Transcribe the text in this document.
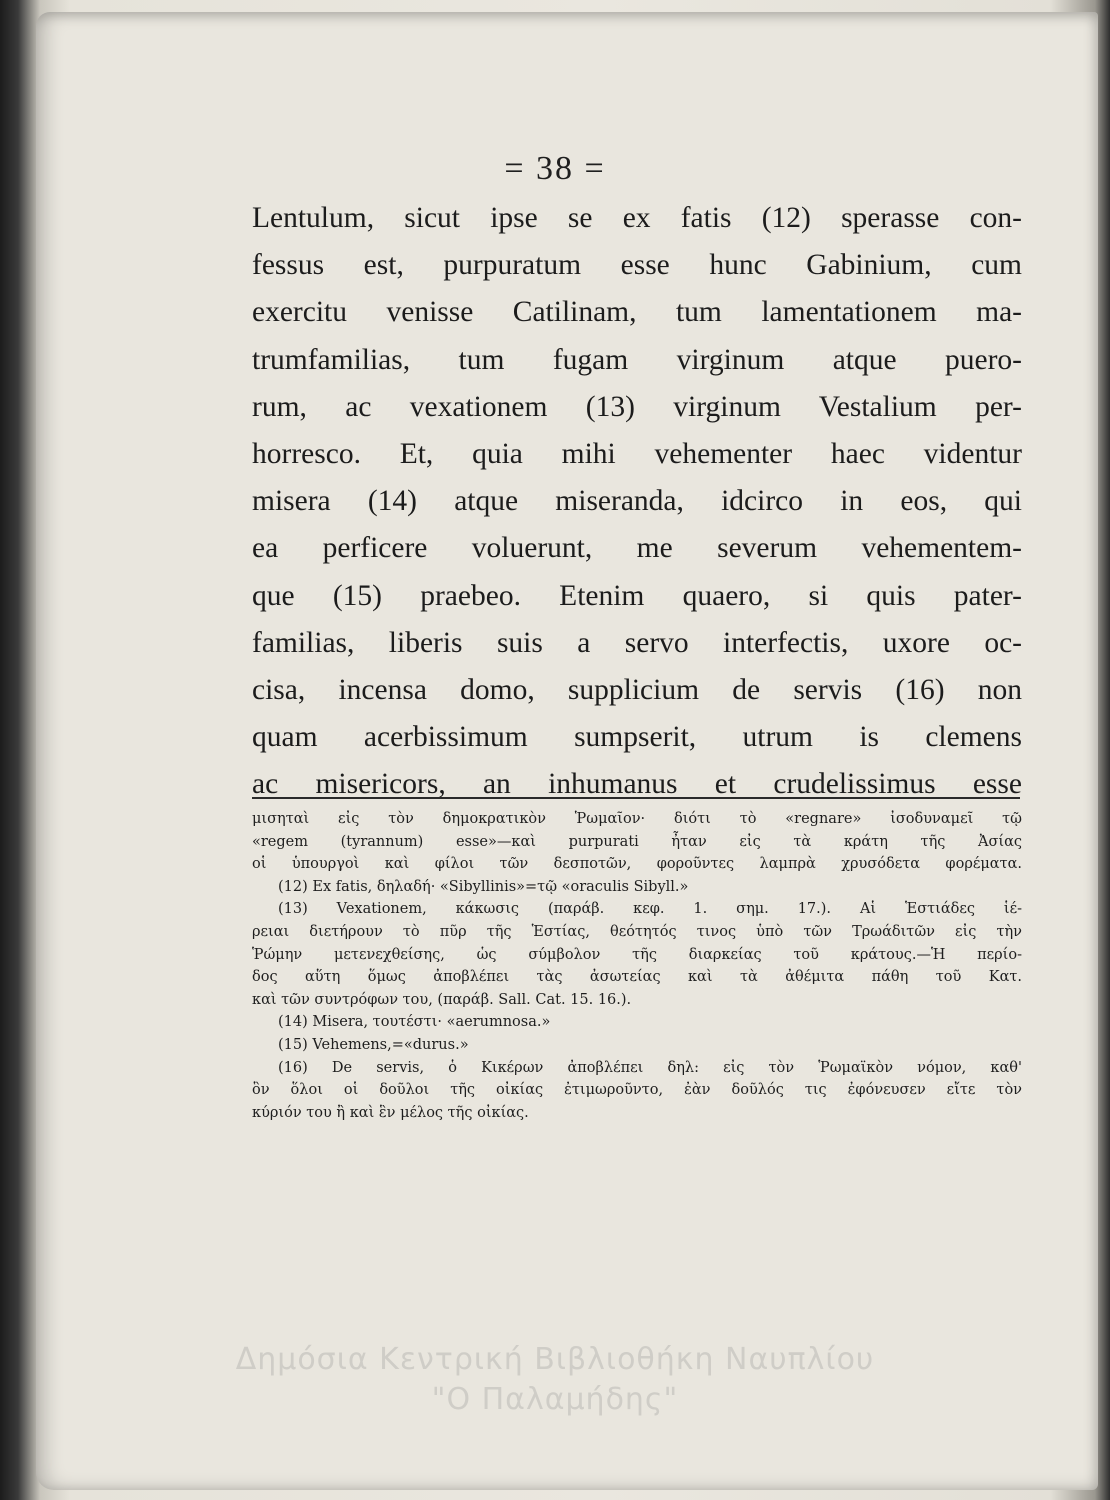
= 38 =
Lentulum, sicut ipse se ex fatis (12) sperasse con-
fessus est, purpuratum esse hunc Gabinium, cum
exercitu venisse Catilinam, tum lamentationem ma-
trumfamilias, tum fugam virginum atque puero-
rum, ac vexationem (13) virginum Vestalium per-
horresco. Et, quia mihi vehementer haec videntur
misera (14) atque miseranda, idcirco in eos, qui
ea perficere voluerunt, me severum vehementem-
que (15) praebeo. Etenim quaero, si quis pater-
familias, liberis suis a servo interfectis, uxore oc-
cisa, incensa domo, supplicium de servis (16) non
quam acerbissimum sumpserit, utrum is clemens
ac misericors, an inhumanus et crudelissimus esse
μισηταὶ εἰς τὸν δημοκρατικὸν Ῥωμαῖον· διότι τὸ «regnare» ἰσοδυναμεῖ τῷ
«regem (tyrannum) esse»—καὶ purpurati ἦταν εἰς τὰ κράτη τῆς Ἀσίας
οἱ ὑπουργοὶ καὶ φίλοι τῶν δεσποτῶν, φοροῦντες λαμπρὰ χρυσόδετα φορέματα.
(12) Ex fatis, δηλαδή· «Sibyllinis»=τῷ «oraculis Sibyll.»
(13) Vexationem, κάκωσις (παράβ. κεφ. 1. σημ. 17.). Αἱ Ἑστιάδες ἱέ-
ρειαι διετήρουν τὸ πῦρ τῆς Ἑστίας, θεότητός τινος ὑπὸ τῶν Τρωάδιτῶν εἰς τὴν
Ῥώμην μετενεχθείσης, ὡς σύμβολον τῆς διαρκείας τοῦ κράτους.—Ἡ περίο-
δος αὕτη ὅμως ἀποβλέπει τὰς ἀσωτείας καὶ τὰ ἀθέμιτα πάθη τοῦ Κατ.
καὶ τῶν συντρόφων του, (παράβ. Sall. Cat. 15. 16.).
(14) Misera, τουτέστι· «aerumnosa.»
(15) Vehemens,=«durus.»
(16) De servis, ὁ Κικέρων ἀποβλέπει δηλ: εἰς τὸν Ῥωμαϊκὸν νόμον, καθ'
ὃν ὅλοι οἱ δοῦλοι τῆς οἰκίας ἐτιμωροῦντο, ἐὰν δοῦλός τις ἐφόνευσεν εἴτε τὸν
κύριόν του ἢ καὶ ἓν μέλος τῆς οἰκίας.
Δημόσια Κεντρική Βιβλιοθήκη Ναυπλίου
"Ο Παλαμήδης"
